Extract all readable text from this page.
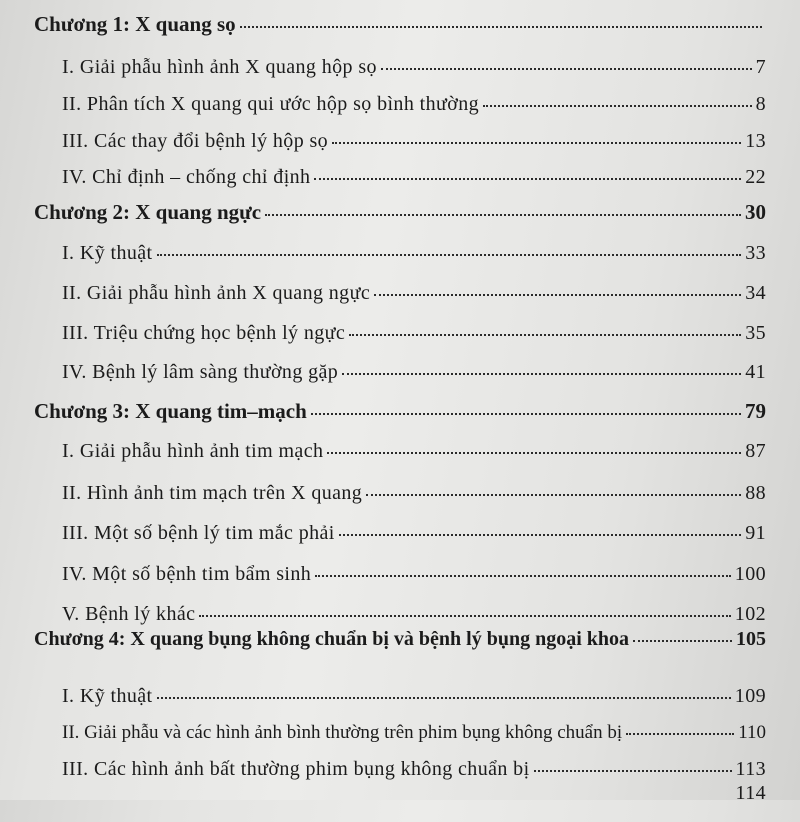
Chương 1: X quang sọ
I. Giải phẫu hình ảnh X quang hộp sọ	7
II. Phân tích X quang qui ước hộp sọ bình thường	8
III. Các thay đổi bệnh lý hộp sọ	13
IV. Chỉ định – chống chỉ định	22
Chương 2: X quang ngực	30
I. Kỹ thuật	33
II. Giải phẫu hình ảnh X quang ngực	34
III. Triệu chứng học bệnh lý ngực	35
IV. Bệnh lý lâm sàng thường gặp	41
Chương 3: X quang tim–mạch	79
I. Giải phẫu hình ảnh tim mạch	87
II. Hình ảnh tim mạch trên X quang	88
III. Một số bệnh lý tim mắc phải	91
IV. Một số bệnh tim bẩm sinh	100
V. Bệnh lý khác	102
Chương 4: X quang bụng không chuẩn bị và bệnh lý bụng ngoại khoa	105
I. Kỹ thuật	109
II. Giải phẫu và các hình ảnh bình thường trên phim bụng không chuẩn bị	110
III. Các hình ảnh bất thường phim bụng không chuẩn bị	113
114
